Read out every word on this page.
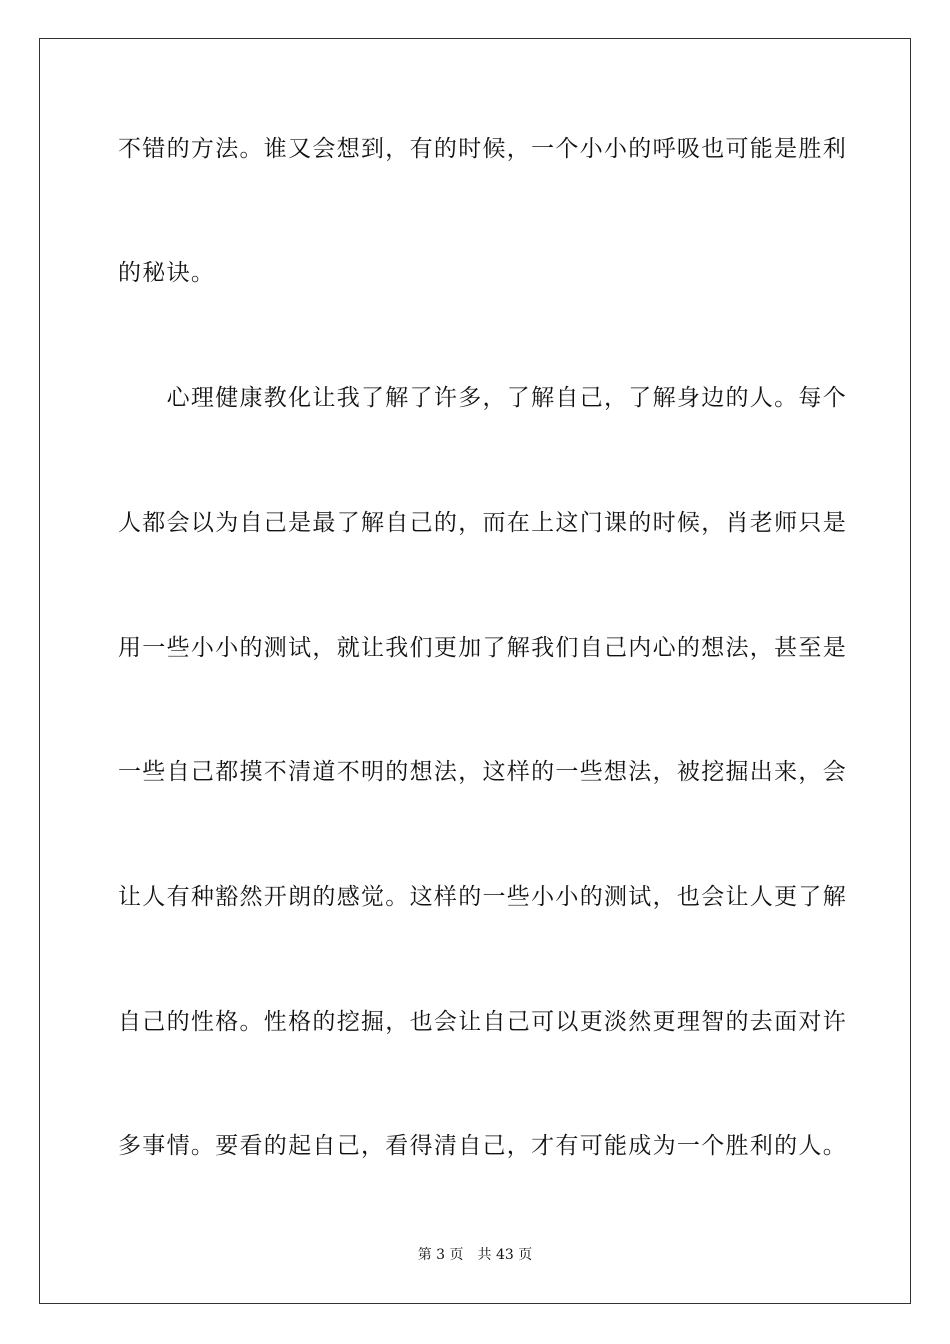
不错的方法。谁又会想到，有的时候，一个小小的呼吸也可能是胜利
的秘诀。
　　心理健康教化让我了解了许多，了解自己，了解身边的人。每个
人都会以为自己是最了解自己的，而在上这门课的时候，肖老师只是
用一些小小的测试，就让我们更加了解我们自己内心的想法，甚至是
一些自己都摸不清道不明的想法，这样的一些想法，被挖掘出来，会
让人有种豁然开朗的感觉。这样的一些小小的测试，也会让人更了解
自己的性格。性格的挖掘，也会让自己可以更淡然更理智的去面对许
多事情。要看的起自己，看得清自己，才有可能成为一个胜利的人。
第 3 页 共 43 页
